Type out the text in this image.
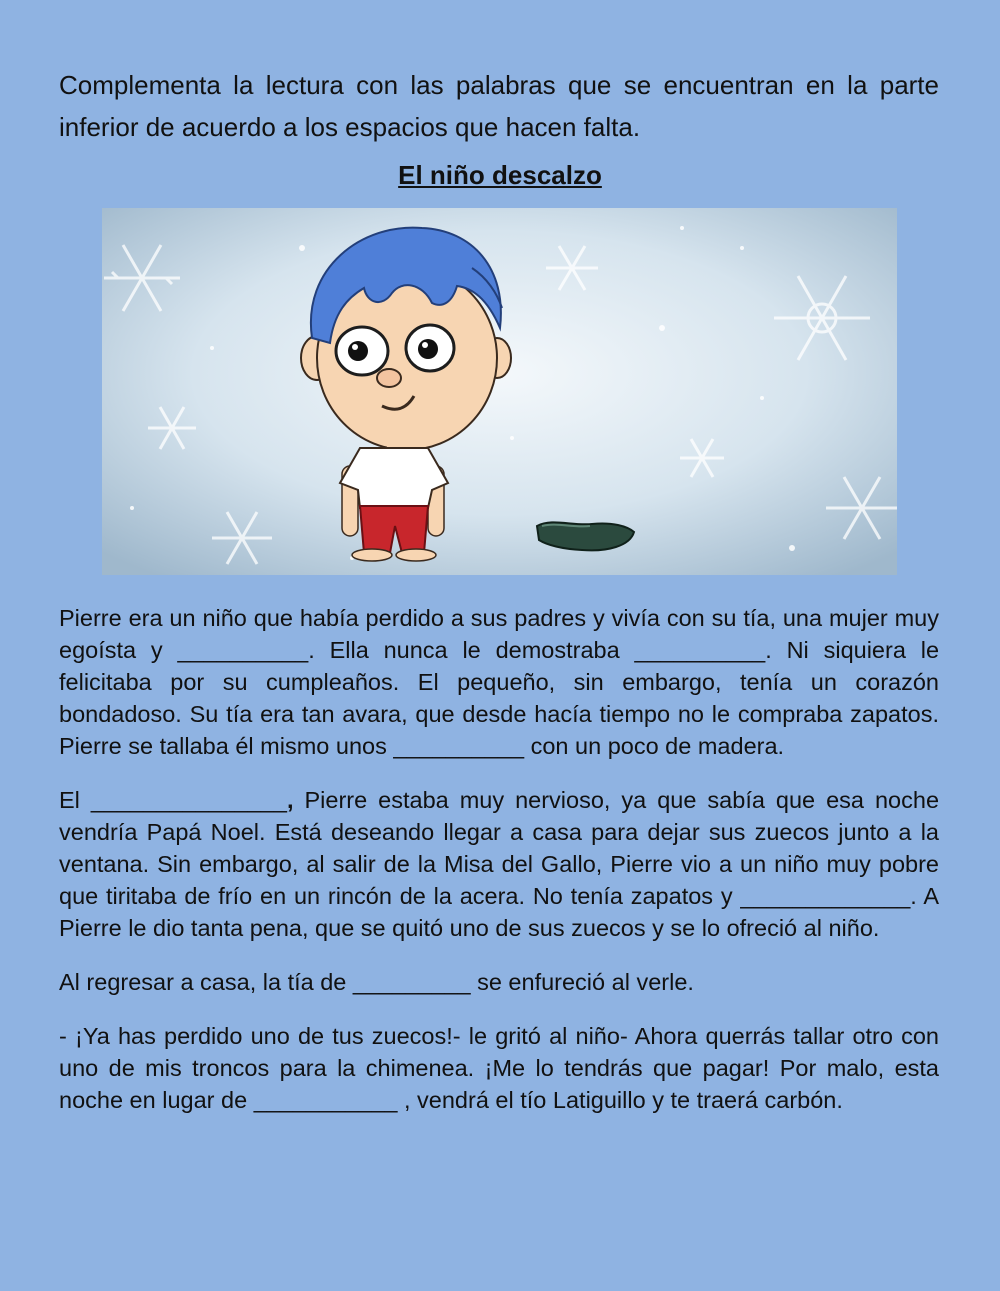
Complementa la lectura con las palabras que se encuentran en la parte inferior de acuerdo a los espacios que hacen falta.

El niño descalzo

Pierre era un niño que había perdido a sus padres y vivía con su tía, una mujer muy egoísta y __________. Ella nunca le demostraba __________. Ni siquiera le felicitaba por su cumpleaños. El pequeño, sin embargo, tenía un corazón bondadoso. Su tía era tan avara, que desde hacía tiempo no le compraba zapatos. Pierre se tallaba él mismo unos __________ con un poco de madera.

El _______________, Pierre estaba muy nervioso, ya que sabía que esa noche vendría Papá Noel. Está deseando llegar a casa para dejar sus zuecos junto a la ventana. Sin embargo, al salir de la Misa del Gallo, Pierre vio a un niño muy pobre que tiritaba de frío en un rincón de la acera. No tenía zapatos y _____________. A Pierre le dio tanta pena, que se quitó uno de sus zuecos y se lo ofreció al niño.

Al regresar a casa, la tía de _________ se enfureció al verle.

- ¡Ya has perdido uno de tus zuecos!- le gritó al niño- Ahora querrás tallar otro con uno de mis troncos para la chimenea. ¡Me lo tendrás que pagar! Por malo, esta noche en lugar de ___________ , vendrá el tío Latiguillo y te traerá carbón.
